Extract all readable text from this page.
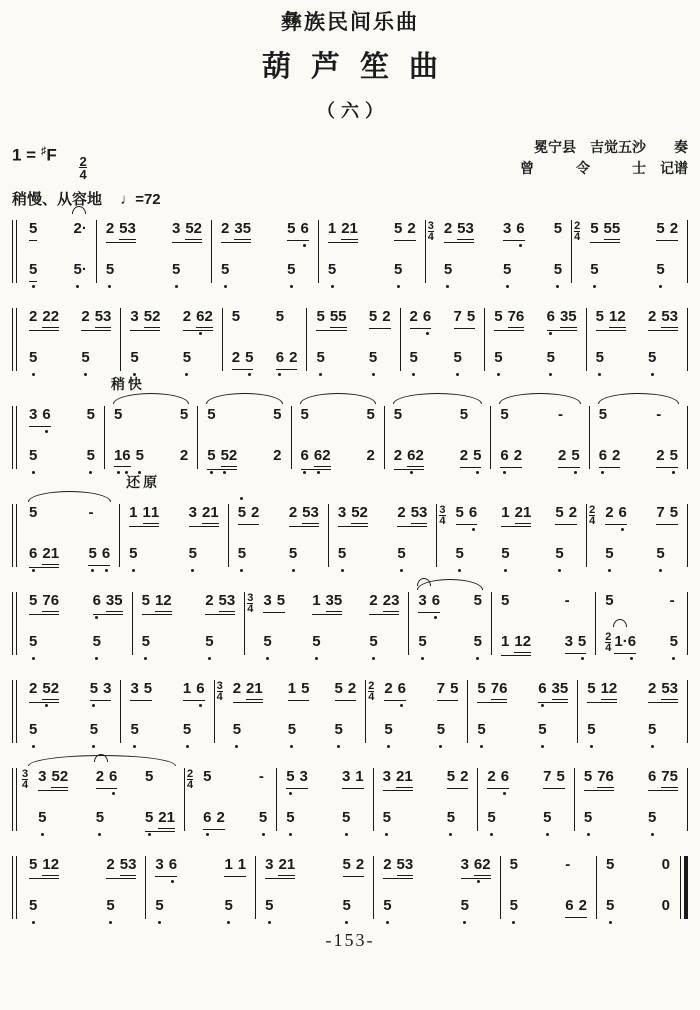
彝族民间乐曲
葫芦笙曲
（六）
1 = ♯F
$\frac{2}{4}$
冕宁县　吉觉五沙　　奏
曾　　　令　　　士　记谱
稍慢、从容地 ♩=72
5
5
2
·
5
·
2 53
5
3 52
5
2 35
5
5 6
5
1 21
5
5 2
5
$\frac{3}{4} 2$ 53
5
3 6
5
5
5
$\frac{2}{4} 5$ 55
5
5 2
5
2 22
5
2 53
5
3 52
5
2 6
2
5
5
2 5
5
6 2
5 55
5
5 2
5
2 6
5
7 5
5
5 76
5
6 35
5
5 12
5
2 53
5
3 6
5
5
5
稍快
5
1
6 5
5
2
5
5 5
2
5
2
5
6 6
2
5
2
5
2 6
2
5
2 5
5
6 2
-
2 5
5
6 2
-
2 5
5
6 21
-
5 6
还原
1 11
5
3 21
5
5 2
5
2 53
5
3 52
5
2 53
5
$\frac{3}{4} 5$ 6
5
1 21
5
5 2
5
$\frac{2}{4} 2$ 6
5
7 5
5
5 76
5
6 35
5
5 12
5
2 53
5
$\frac{3}{4} 3$ 5
5
1 35
5
2 23
5
3 6
5
5
5
5
1 12
-
3 5
5
$\frac{2}{4} 1$
·6
-
5
2 5
2
5
5 3
5
3 5
5
1 6
5
$\frac{3}{4} 2$ 21
5
1 5
5
5 2
5
$\frac{2}{4} 2$ 6
5
7 5
5
5 76
5
6 35
5
5 12
5
2 53
5
$\frac{3}{4} 3$ 52
5
2 6
5
5
5 21
$\frac{2}{4} 5$
6 2
-
5
5 3
5
3 1
5
3 21
5
5 2
5
2 6
5
7 5
5
5 76
5
6 75
5
5 12
5
2 53
5
3 6
5
1 1
5
3 21
5
5 2
5
2 53
5
3 6
2
5
5
5
-
6 2
5
5
0
0
-153-
